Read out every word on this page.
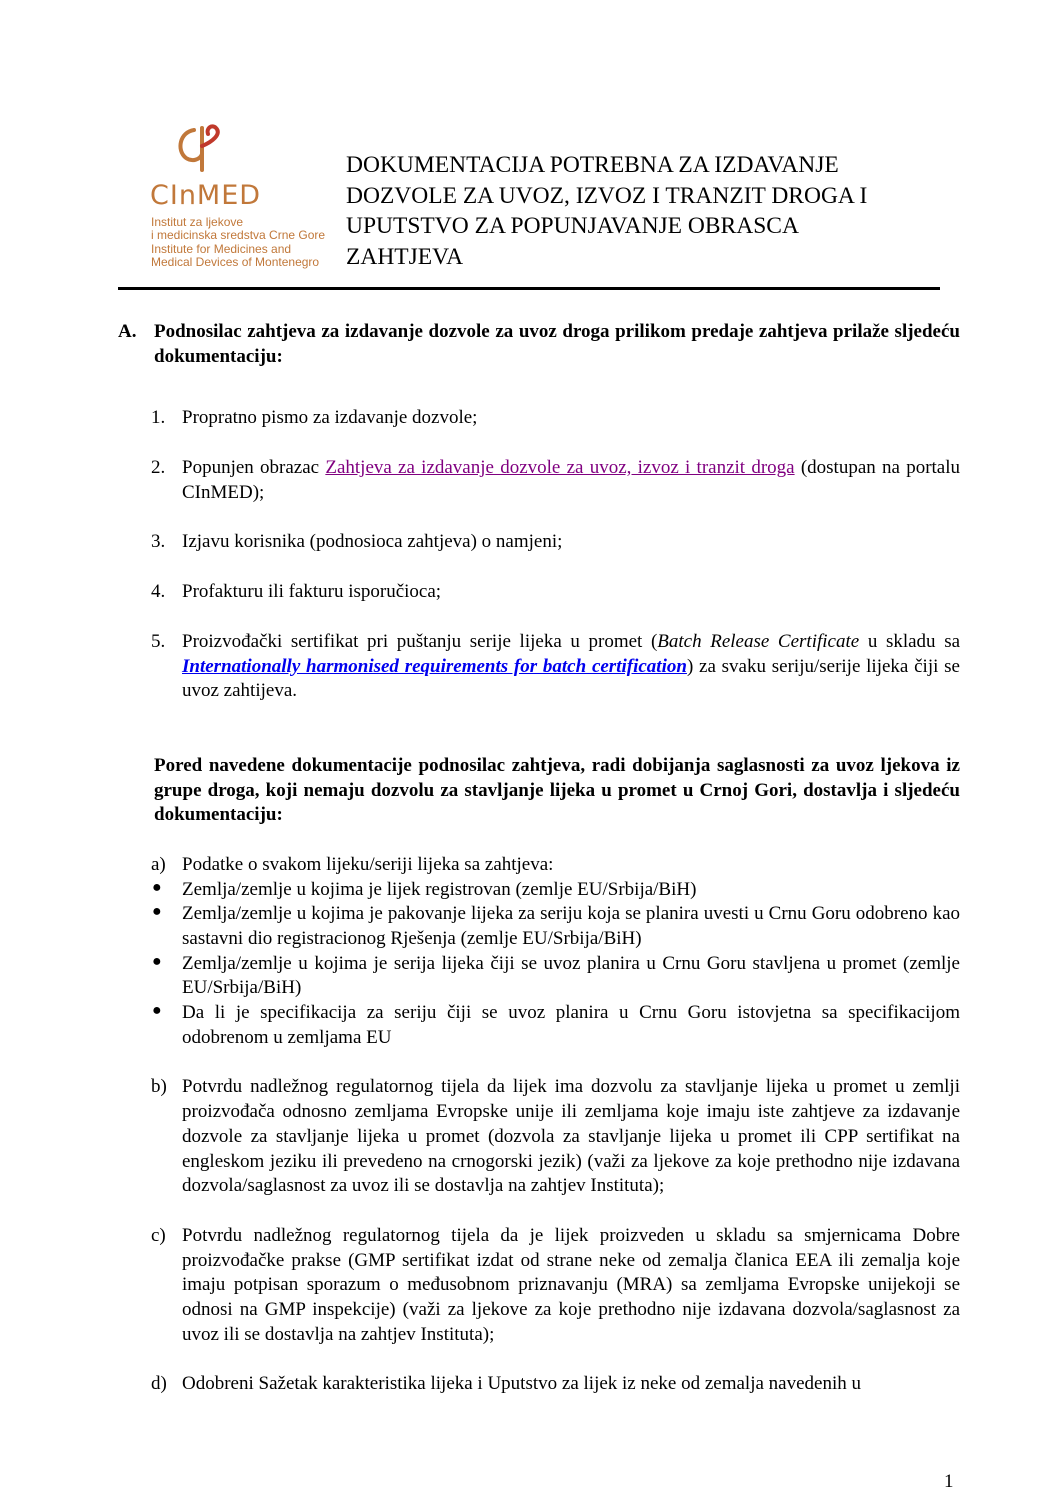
CInMED
Institut za ljekove
i medicinska sredstva Crne Gore
Institute for Medicines and
Medical Devices of Montenegro
DOKUMENTACIJA POTREBNA ZA IZDAVANJE
DOZVOLE ZA UVOZ, IZVOZ I TRANZIT DROGA I
UPUTSTVO ZA POPUNJAVANJE OBRASCA
ZAHTJEVA
A. Podnosilac zahtjeva za izdavanje dozvole za uvoz droga prilikom predaje zahtjeva prilaže sljedeću dokumentaciju:
1. Propratno pismo za izdavanje dozvole;
2. Popunjen obrazac Zahtjeva za izdavanje dozvole za uvoz, izvoz i tranzit droga (dostupan na portalu CInMED);
3. Izjavu korisnika (podnosioca zahtjeva) o namjeni;
4. Profakturu ili fakturu isporučioca;
5. Proizvođački sertifikat pri puštanju serije lijeka u promet (Batch Release Certificate u skladu sa Internationally harmonised requirements for batch certification) za svaku seriju/serije lijeka čiji se uvoz zahtijeva.
Pored navedene dokumentacije podnosilac zahtjeva, radi dobijanja saglasnosti za uvoz ljekova iz grupe droga, koji nemaju dozvolu za stavljanje lijeka u promet u Crnoj Gori, dostavlja i sljedeću dokumentaciju:
a) Podatke o svakom lijeku/seriji lijeka sa zahtjeva:
●	Zemlja/zemlje u kojima je lijek registrovan (zemlje EU/Srbija/BiH)
●	Zemlja/zemlje u kojima je pakovanje lijeka za seriju koja se planira uvesti u Crnu Goru odobreno kao sastavni dio registracionog Rješenja (zemlje EU/Srbija/BiH)
●	Zemlja/zemlje u kojima je serija lijeka čiji se uvoz planira u Crnu Goru stavljena u promet (zemlje EU/Srbija/BiH)
●	Da li je specifikacija za seriju čiji se uvoz planira u Crnu Goru istovjetna sa specifikacijom odobrenom u zemljama EU
b) Potvrdu nadležnog regulatornog tijela da lijek ima dozvolu za stavljanje lijeka u promet u zemlji proizvođača odnosno zemljama Evropske unije ili zemljama koje imaju iste zahtjeve za izdavanje dozvole za stavljanje lijeka u promet (dozvola za stavljanje lijeka u promet ili CPP sertifikat na engleskom jeziku ili prevedeno na crnogorski jezik) (važi za ljekove za koje prethodno nije izdavana dozvola/saglasnost za uvoz ili se dostavlja na zahtjev Instituta);
c) Potvrdu nadležnog regulatornog tijela da je lijek proizveden u skladu sa smjernicama Dobre proizvođačke prakse (GMP sertifikat izdat od strane neke od zemalja članica EEA ili zemalja koje imaju potpisan sporazum o međusobnom priznavanju (MRA) sa zemljama Evropske unijekoji se odnosi na GMP inspekcije) (važi za ljekove za koje prethodno nije izdavana dozvola/saglasnost za uvoz ili se dostavlja na zahtjev Instituta);
d) Odobreni Sažetak karakteristika lijeka i Uputstvo za lijek iz neke od zemalja navedenih u
1
